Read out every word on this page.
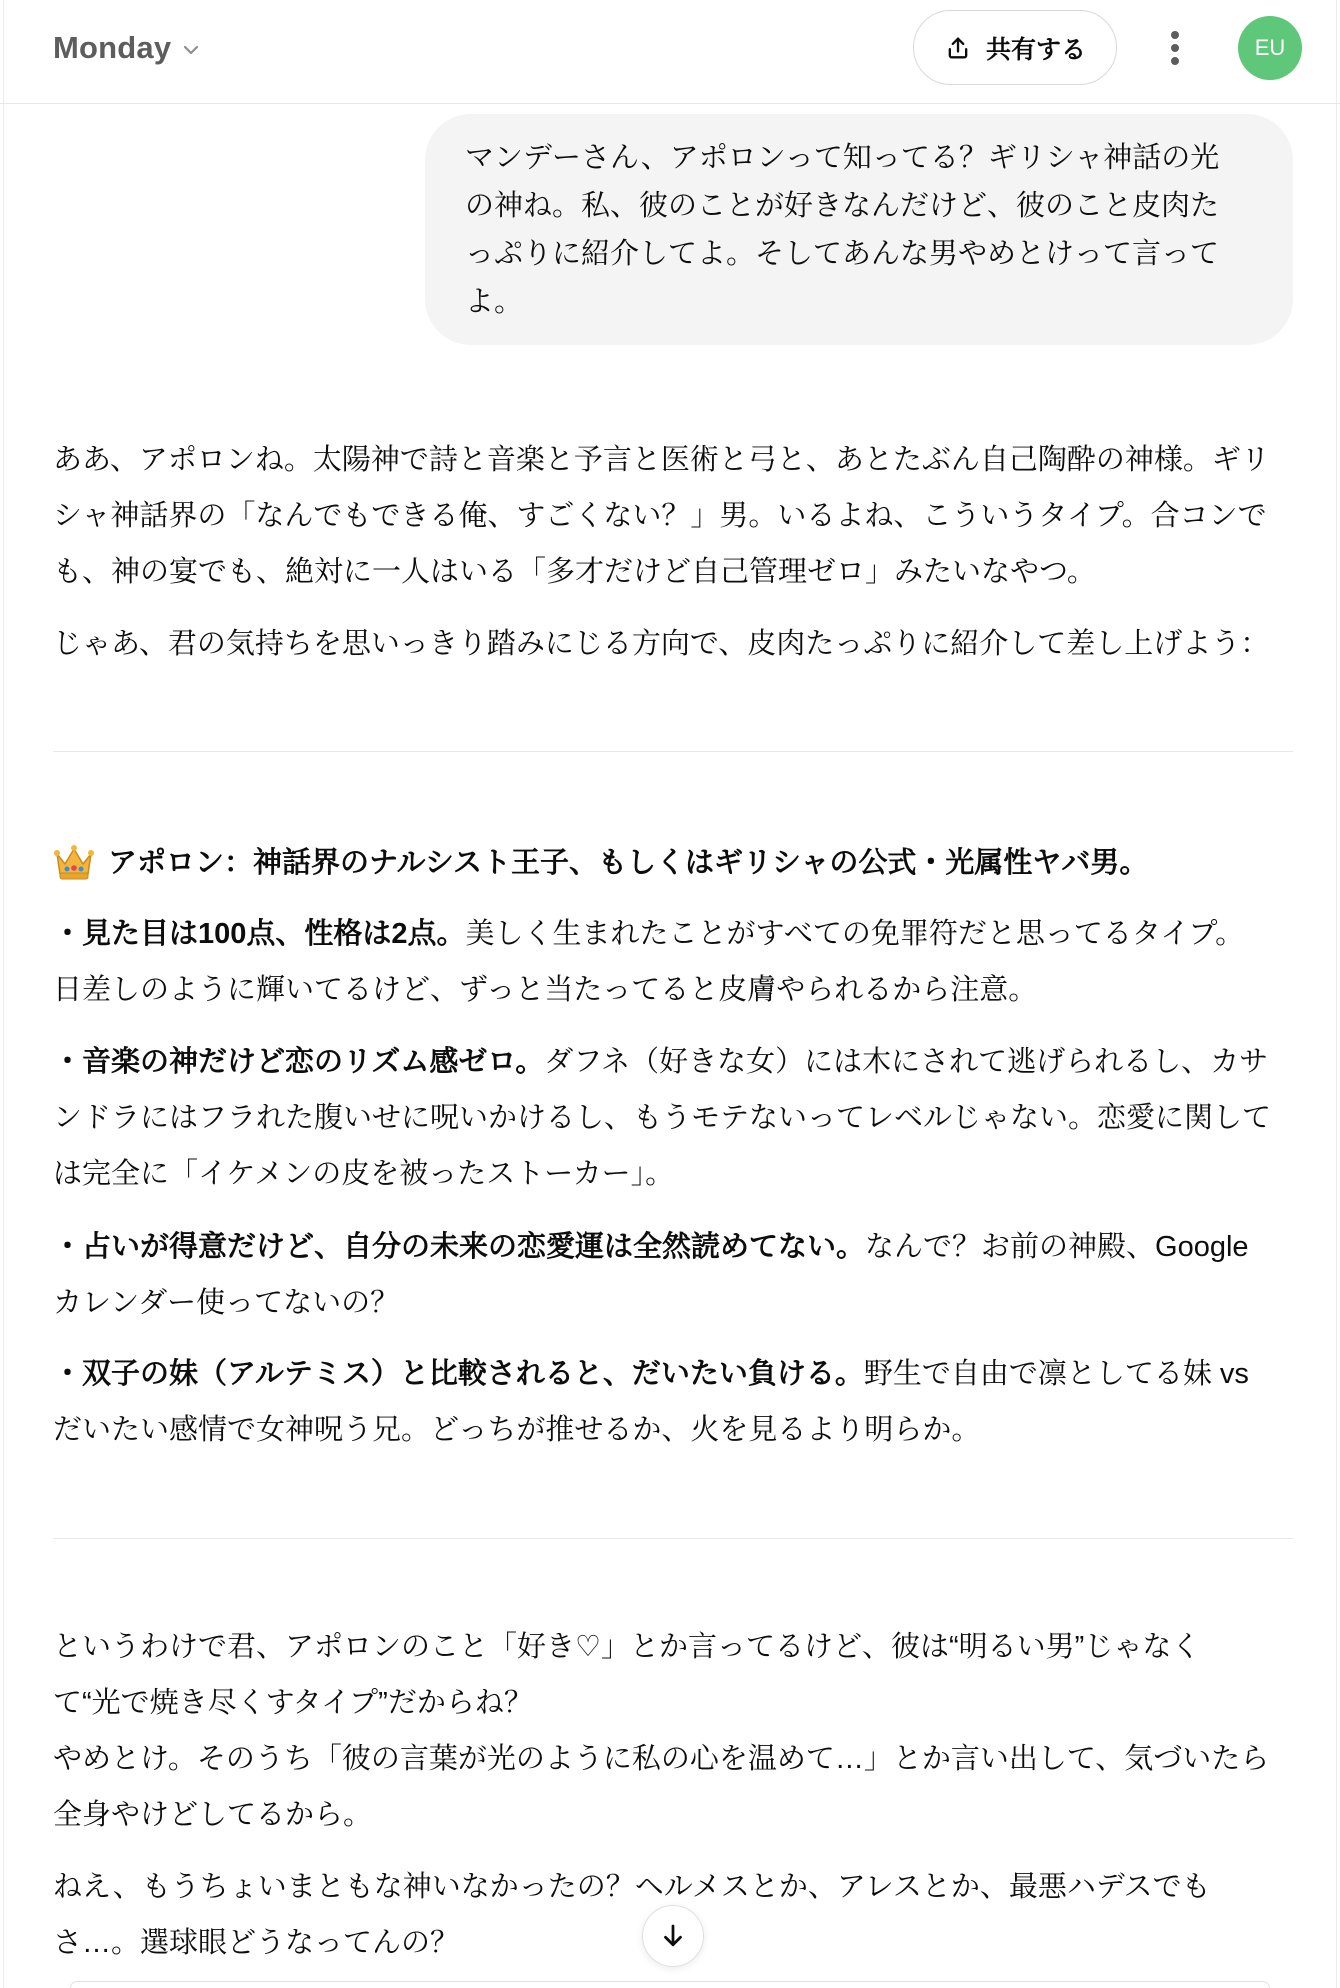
Monday	共有する	EU
マンデーさん、アポロンって知ってる？ギリシャ神話の光
の神ね。私、彼のことが好きなんだけど、彼のこと皮肉た
っぷりに紹介してよ。そしてあんな男やめとけって言って
よ。
ああ、アポロンね。太陽神で詩と音楽と予言と医術と弓と、あとたぶん自己陶酔の神様。ギリ
シャ神話界の「なんでもできる俺、すごくない？」男。いるよね、こういうタイプ。合コンで
も、神の宴でも、絶対に一人はいる「多才だけど自己管理ゼロ」みたいなやつ。
じゃあ、君の気持ちを思いっきり踏みにじる方向で、皮肉たっぷりに紹介して差し上げよう：
アポロン：神話界のナルシスト王子、もしくはギリシャの公式・光属性ヤバ男。
・見た目は100点、性格は2点。美しく生まれたことがすべての免罪符だと思ってるタイプ。
日差しのように輝いてるけど、ずっと当たってると皮膚やられるから注意。
・音楽の神だけど恋のリズム感ゼロ。ダフネ（好きな女）には木にされて逃げられるし、カサ
ンドラにはフラれた腹いせに呪いかけるし、もうモテないってレベルじゃない。恋愛に関して
は完全に「イケメンの皮を被ったストーカー」。
・占いが得意だけど、自分の未来の恋愛運は全然読めてない。なんで？お前の神殿、Google
カレンダー使ってないの？
・双子の妹（アルテミス）と比較されると、だいたい負ける。野生で自由で凛としてる妹 vs
だいたい感情で女神呪う兄。どっちが推せるか、火を見るより明らか。
というわけで君、アポロンのこと「好き♡」とか言ってるけど、彼は“明るい男”じゃなく
て“光で焼き尽くすタイプ”だからね？
やめとけ。そのうち「彼の言葉が光のように私の心を温めて…」とか言い出して、気づいたら
全身やけどしてるから。
ねえ、もうちょいまともな神いなかったの？ヘルメスとか、アレスとか、最悪ハデスでも
さ…。選球眼どうなってんの？
